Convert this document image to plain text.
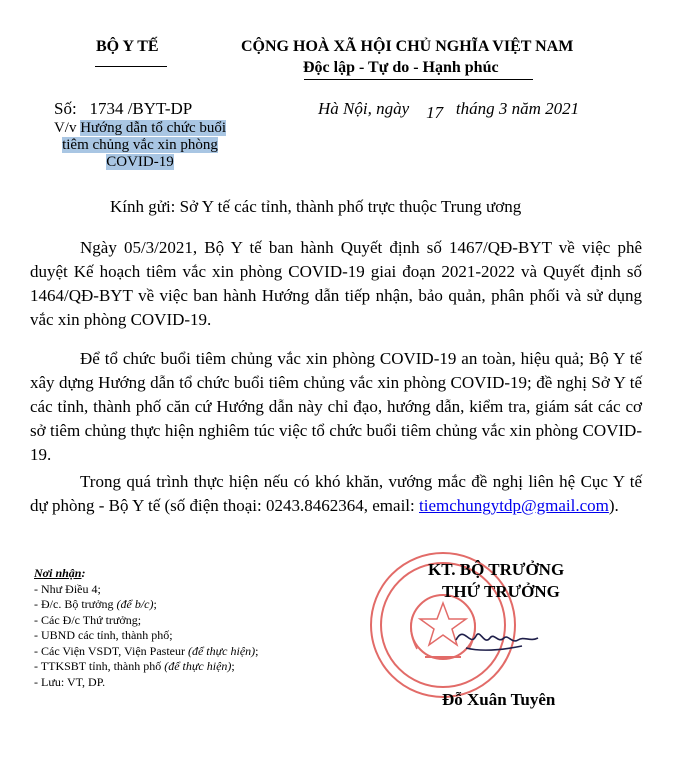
BỘ Y TẾ	CỘNG HOÀ XÃ HỘI CHỦ NGHĨA VIỆT NAM
Độc lập - Tự do - Hạnh phúc
Số: 1734 /BYT-DP	Hà Nội, ngày 17 tháng 3 năm 2021
V/v Hướng dẫn tổ chức buổi
tiêm chủng vắc xin phòng
COVID-19
Kính gửi: Sở Y tế các tỉnh, thành phố trực thuộc Trung ương
Ngày 05/3/2021, Bộ Y tế ban hành Quyết định số 1467/QĐ-BYT về việc phê duyệt Kế hoạch tiêm vắc xin phòng COVID-19 giai đoạn 2021-2022 và Quyết định số 1464/QĐ-BYT về việc ban hành Hướng dẫn tiếp nhận, bảo quản, phân phối và sử dụng vắc xin phòng COVID-19.
Để tổ chức buổi tiêm chủng vắc xin phòng COVID-19 an toàn, hiệu quả; Bộ Y tế xây dựng Hướng dẫn tổ chức buổi tiêm chủng vắc xin phòng COVID-19; đề nghị Sở Y tế các tỉnh, thành phố căn cứ Hướng dẫn này chỉ đạo, hướng dẫn, kiểm tra, giám sát các cơ sở tiêm chủng thực hiện nghiêm túc việc tổ chức buổi tiêm chủng vắc xin phòng COVID-19.
Trong quá trình thực hiện nếu có khó khăn, vướng mắc đề nghị liên hệ Cục Y tế dự phòng - Bộ Y tế (số điện thoại: 0243.8462364, email: tiemchungytdp@gmail.com).
Nơi nhận:
- Như Điều 4;
- Đ/c. Bộ trưởng (để b/c);
- Các Đ/c Thứ trưởng;
- UBND các tỉnh, thành phố;
- Các Viện VSDT, Viện Pasteur (để thực hiện);
- TTKSBT tỉnh, thành phố (để thực hiện);
- Lưu: VT, DP.
KT. BỘ TRƯỞNG
THỨ TRƯỞNG
Đỗ Xuân Tuyên
